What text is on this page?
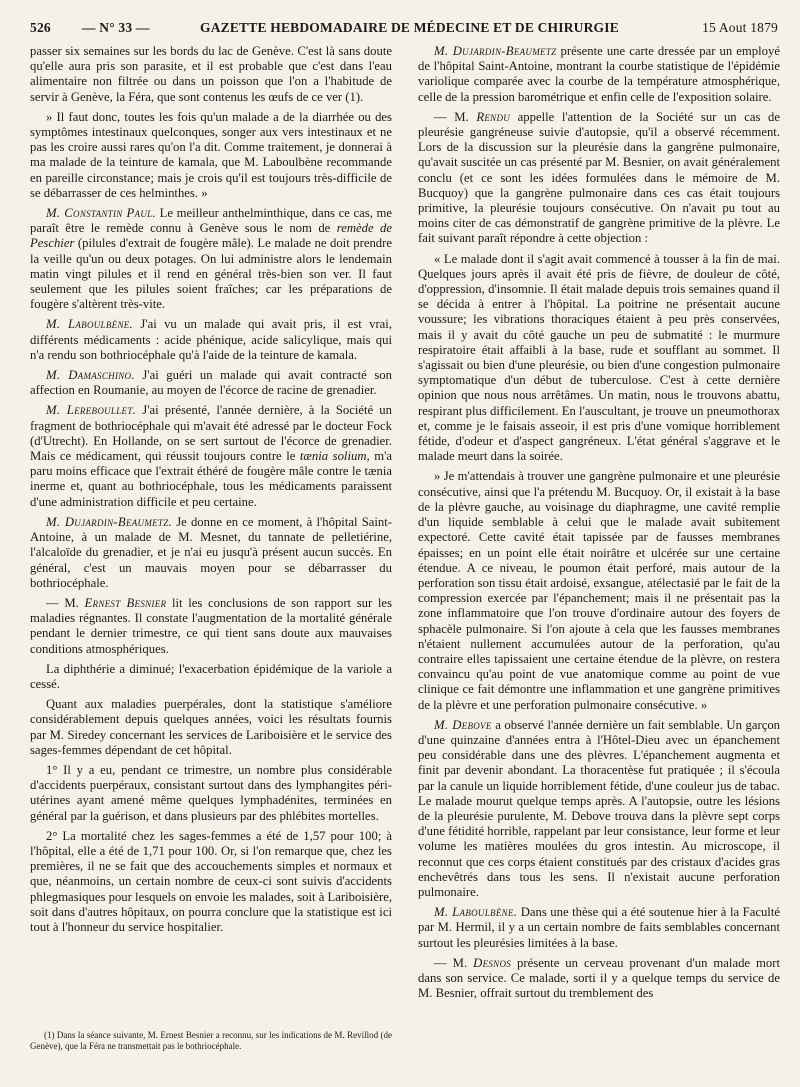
526 — N° 33 —	GAZETTE HEBDOMADAIRE DE MÉDECINE ET DE CHIRURGIE	15 Aout 1879

passer six semaines sur les bords du lac de Genève. C'est là sans doute qu'elle aura pris son parasite, et il est probable que c'est dans l'eau alimentaire non filtrée ou dans un poisson que l'on a l'habitude de servir à Genève, la Féra, que sont contenus les œufs de ce ver (1).

» Il faut donc, toutes les fois qu'un malade a de la diarrhée ou des symptômes intestinaux quelconques, songer aux vers intestinaux et ne pas les croire aussi rares qu'on l'a dit. Comme traitement, je donnerai à ma malade de la teinture de kamala, que M. Laboulbène recommande en pareille circonstance; mais je crois qu'il est toujours très-difficile de se débarrasser de ces helminthes. »

M. Constantin Paul. Le meilleur anthelminthique, dans ce cas, me paraît être le remède connu à Genève sous le nom de remède de Peschier (pilules d'extrait de fougère mâle). Le malade ne doit prendre la veille qu'un ou deux potages. On lui administre alors le lendemain matin vingt pilules et il rend en général très-bien son ver. Il faut seulement que les pilules soient fraîches; car les préparations de fougère s'altèrent très-vite.

M. Laboulbène. J'ai vu un malade qui avait pris, il est vrai, différents médicaments : acide phénique, acide salicylique, mais qui n'a rendu son bothriocéphale qu'à l'aide de la teinture de kamala.

M. Damaschino. J'ai guéri un malade qui avait contracté son affection en Roumanie, au moyen de l'écorce de racine de grenadier.

M. Lereboullet. J'ai présenté, l'année dernière, à la Société un fragment de bothriocéphale qui m'avait été adressé par le docteur Fock (d'Utrecht). En Hollande, on se sert surtout de l'écorce de grenadier. Mais ce médicament, qui réussit toujours contre le tænia solium, m'a paru moins efficace que l'extrait éthéré de fougère mâle contre le tænia inerme et, quant au bothriocéphale, tous les médicaments paraissent d'une administration difficile et peu certaine.

M. Dujardin-Beaumetz. Je donne en ce moment, à l'hôpital Saint-Antoine, à un malade de M. Mesnet, du tannate de pelletiérine, l'alcaloïde du grenadier, et je n'ai eu jusqu'à présent aucun succès. En général, c'est un mauvais moyen pour se débarrasser du bothriocéphale.

— M. Ernest Besnier lit les conclusions de son rapport sur les maladies régnantes. Il constate l'augmentation de la mortalité générale pendant le dernier trimestre, ce qui tient sans doute aux mauvaises conditions atmosphériques.

La diphthérie a diminué; l'exacerbation épidémique de la variole a cessé.

Quant aux maladies puerpérales, dont la statistique s'améliore considérablement depuis quelques années, voici les résultats fournis par M. Siredey concernant les services de Lariboisière et le service des sages-femmes dépendant de cet hôpital.

1° Il y a eu, pendant ce trimestre, un nombre plus considérable d'accidents puerpéraux, consistant surtout dans des lymphangites péri-utérines ayant amené même quelques lymphadénites, terminées en général par la guérison, et dans plusieurs par des phlébites mortelles.

2° La mortalité chez les sages-femmes a été de 1,57 pour 100; à l'hôpital, elle a été de 1,71 pour 100. Or, si l'on remarque que, chez les premières, il ne se fait que des accouchements simples et normaux et que, néanmoins, un certain nombre de ceux-ci sont suivis d'accidents phlegmasiques pour lesquels on envoie les malades, soit à Lariboisière, soit dans d'autres hôpitaux, on pourra conclure que la statistique est ici tout à l'honneur du service hospitalier.

(1) Dans la séance suivante, M. Ernest Besnier a reconnu, sur les indications de M. Revillod (de Genève), que la Féra ne transmettait pas le bothriocéphale.

M. Dujardin-Beaumetz présente une carte dressée par un employé de l'hôpital Saint-Antoine, montrant la courbe statistique de l'épidémie variolique comparée avec la courbe de la température atmosphérique, celle de la pression barométrique et enfin celle de l'exposition solaire.

— M. Rendu appelle l'attention de la Société sur un cas de pleurésie gangréneuse suivie d'autopsie, qu'il a observé récemment. Lors de la discussion sur la pleurésie dans la gangrène pulmonaire, qu'avait suscitée un cas présenté par M. Besnier, on avait généralement conclu (et ce sont les idées formulées dans le mémoire de M. Bucquoy) que la gangrène pulmonaire dans ces cas était toujours primitive, la pleurésie toujours consécutive. On n'avait pu tout au moins citer de cas démonstratif de gangrène primitive de la plèvre. Le fait suivant paraît répondre à cette objection :

« Le malade dont il s'agit avait commencé à tousser à la fin de mai. Quelques jours après il avait été pris de fièvre, de douleur de côté, d'oppression, d'insomnie. Il était malade depuis trois semaines quand il se décida à entrer à l'hôpital. La poitrine ne présentait aucune voussure; les vibrations thoraciques étaient à peu près conservées, mais il y avait du côté gauche un peu de submatité : le murmure respiratoire était affaibli à la base, rude et soufflant au sommet. Il s'agissait ou bien d'une pleurésie, ou bien d'une congestion pulmonaire symptomatique d'un début de tuberculose. C'est à cette dernière opinion que nous nous arrêtâmes. Un matin, nous le trouvons abattu, respirant plus difficilement. En l'auscultant, je trouve un pneumothorax et, comme je le faisais asseoir, il est pris d'une vomique horriblement fétide, d'odeur et d'aspect gangréneux. L'état général s'aggrave et le malade meurt dans la soirée.

» Je m'attendais à trouver une gangrène pulmonaire et une pleurésie consécutive, ainsi que l'a prétendu M. Bucquoy. Or, il existait à la base de la plèvre gauche, au voisinage du diaphragme, une cavité remplie d'un liquide semblable à celui que le malade avait subitement expectoré. Cette cavité était tapissée par de fausses membranes épaisses; en un point elle était noirâtre et ulcérée sur une certaine étendue. A ce niveau, le poumon était perforé, mais autour de la perforation son tissu était ardoisé, exsangue, atélectasié par le fait de la compression exercée par l'épanchement; mais il ne présentait pas la zone inflammatoire que l'on trouve d'ordinaire autour des foyers de sphacèle pulmonaire. Si l'on ajoute à cela que les fausses membranes n'étaient nullement accumulées autour de la perforation, qu'au contraire elles tapissaient une certaine étendue de la plèvre, on restera convaincu qu'au point de vue anatomique comme au point de vue clinique ce fait démontre une inflammation et une gangrène primitives de la plèvre et une perforation pulmonaire consécutive. »

M. Debove a observé l'année dernière un fait semblable. Un garçon d'une quinzaine d'années entra à l'Hôtel-Dieu avec un épanchement peu considérable dans une des plèvres. L'épanchement augmenta et finit par devenir abondant. La thoracentèse fut pratiquée ; il s'écoula par la canule un liquide horriblement fétide, d'une couleur jus de tabac. Le malade mourut quelque temps après. A l'autopsie, outre les lésions de la pleurésie purulente, M. Debove trouva dans la plèvre sept corps d'une fétidité horrible, rappelant par leur consistance, leur forme et leur volume les matières moulées du gros intestin. Au microscope, il reconnut que ces corps étaient constitués par des cristaux d'acides gras enchevêtrés dans tous les sens. Il n'existait aucune perforation pulmonaire.

M. Laboulbène. Dans une thèse qui a été soutenue hier à la Faculté par M. Hermil, il y a un certain nombre de faits semblables concernant surtout les pleurésies limitées à la base.

— M. Desnos présente un cerveau provenant d'un malade mort dans son service. Ce malade, sorti il y a quelque temps du service de M. Besnier, offrait surtout du tremblement des
